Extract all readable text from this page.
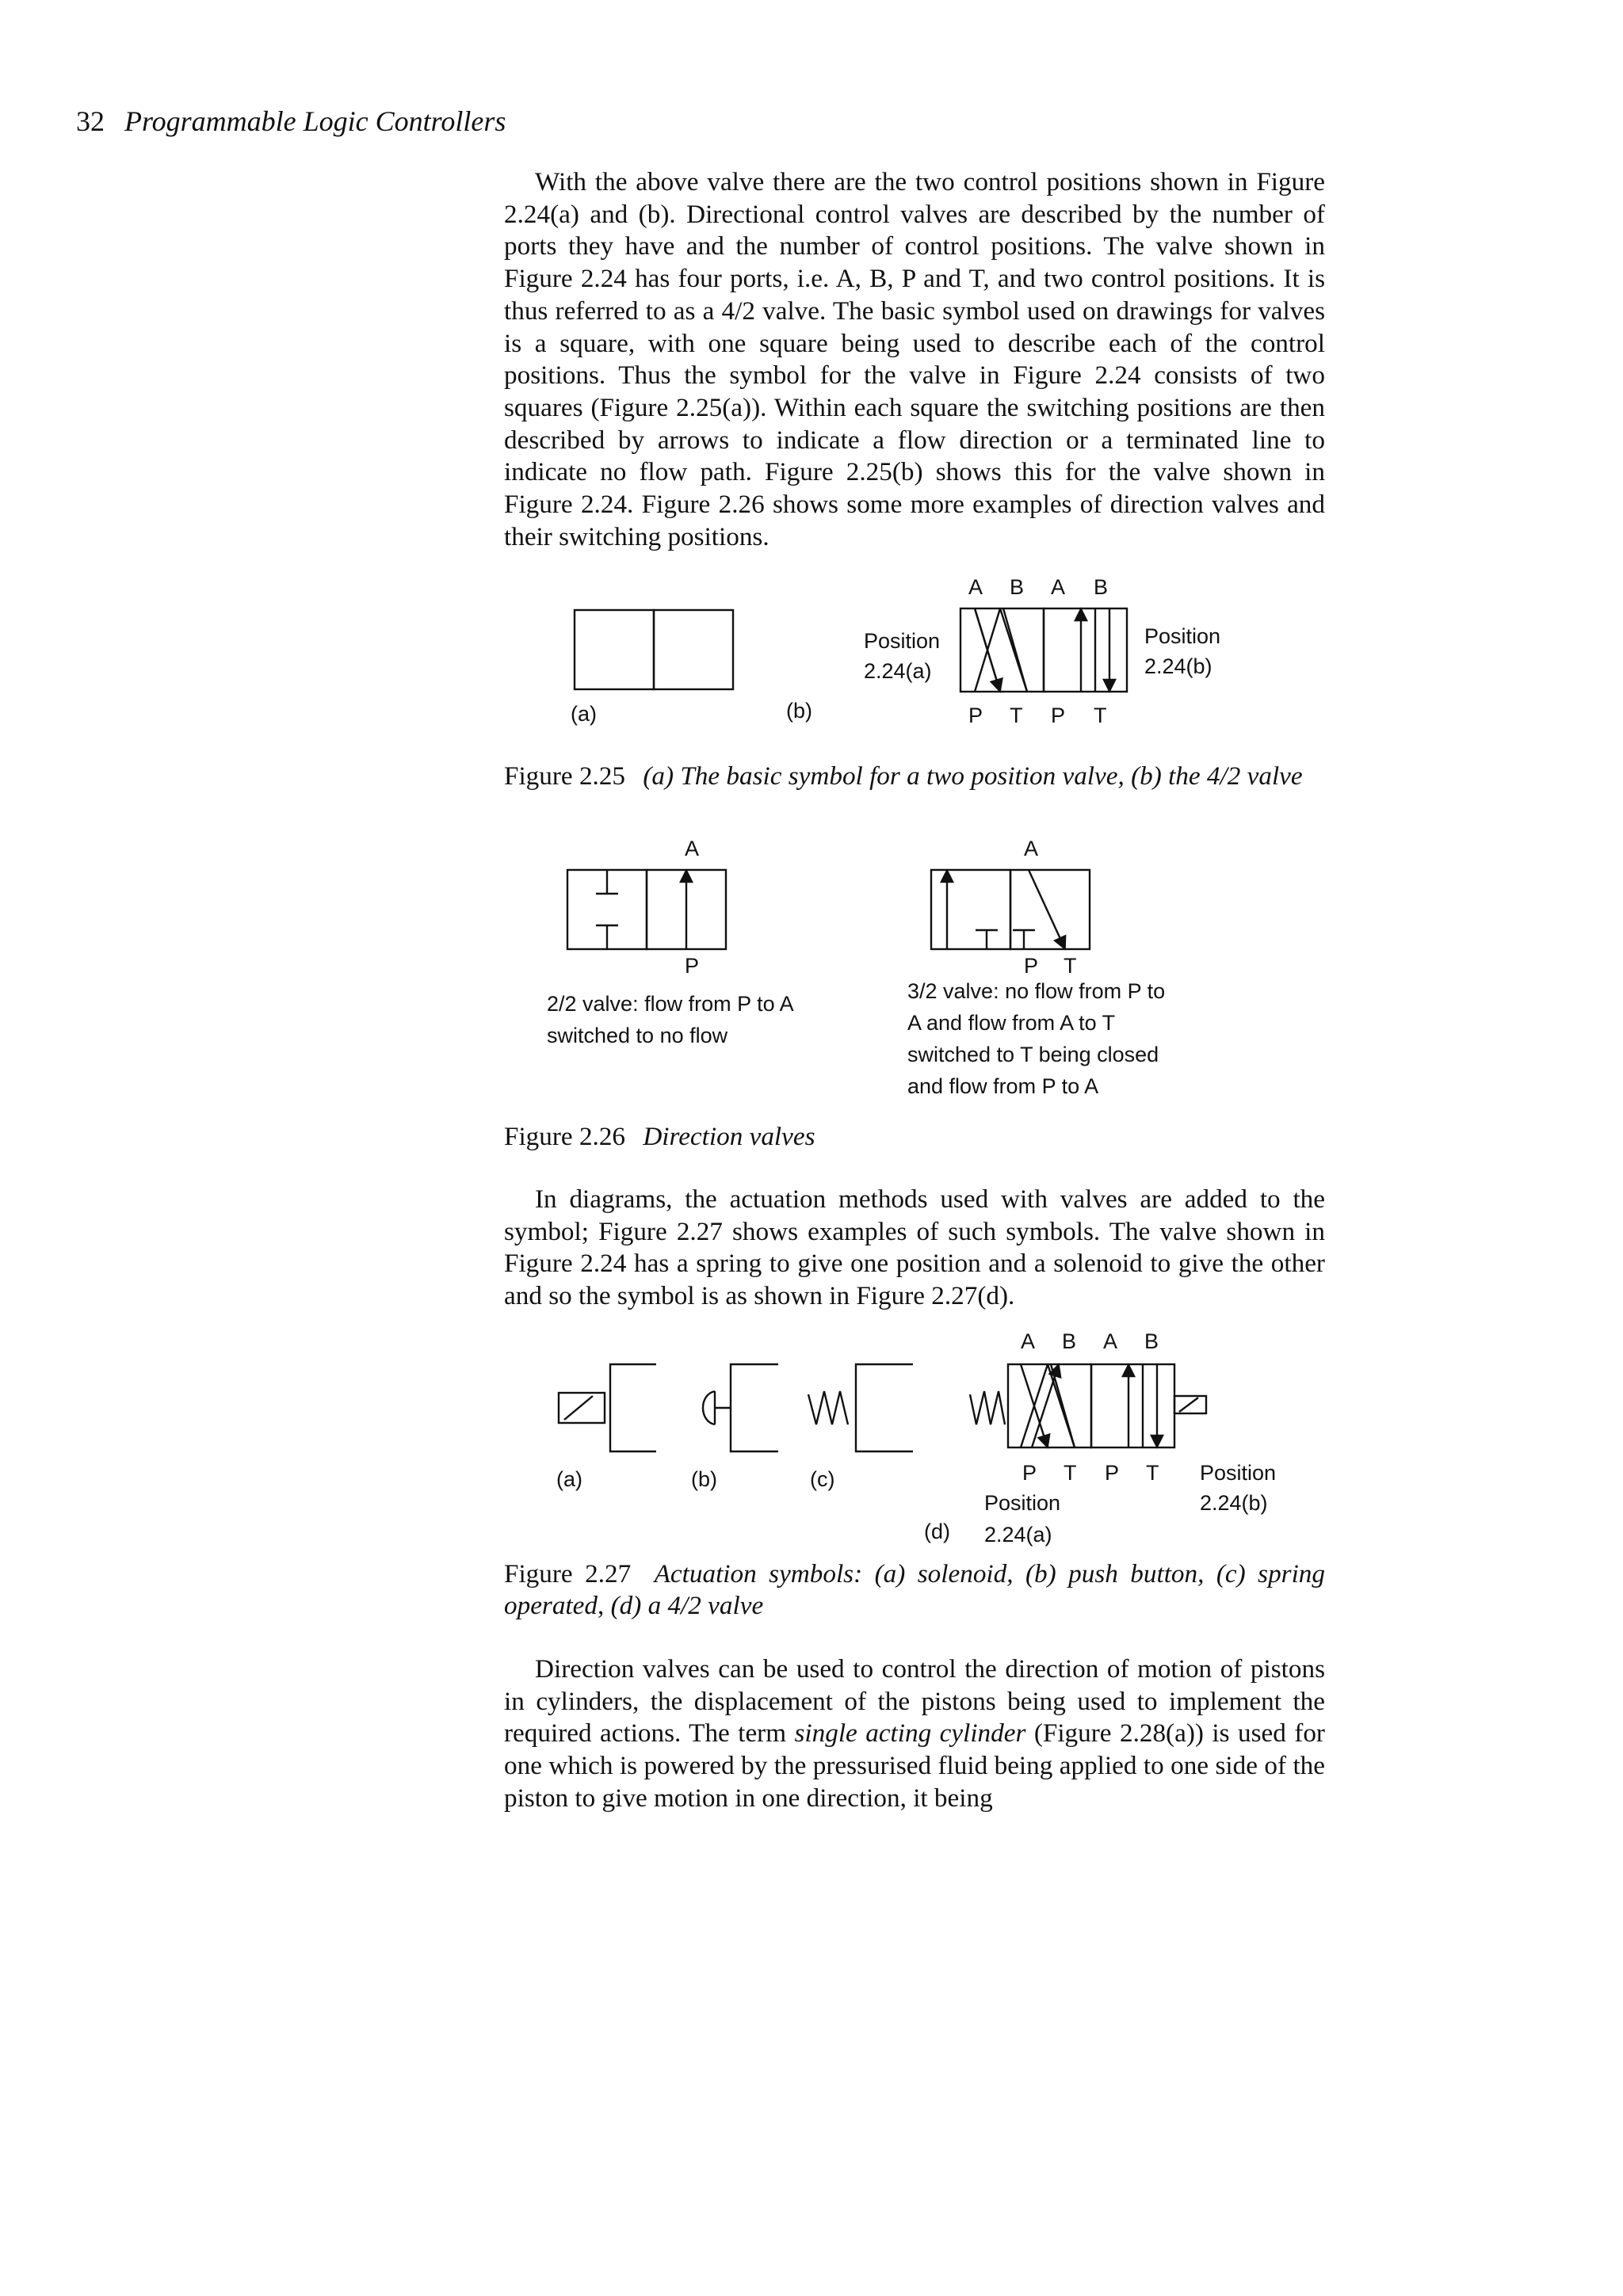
32 Programmable Logic Controllers

With the above valve there are the two control positions shown in Figure 2.24(a) and (b). Directional control valves are described by the number of ports they have and the number of control positions. The valve shown in Figure 2.24 has four ports, i.e. A, B, P and T, and two control positions. It is thus referred to as a 4/2 valve. The basic symbol used on drawings for valves is a square, with one square being used to describe each of the control positions. Thus the symbol for the valve in Figure 2.24 consists of two squares (Figure 2.25(a)). Within each square the switching positions are then described by arrows to indicate a flow direction or a terminated line to indicate no flow path. Figure 2.25(b) shows this for the valve shown in Figure 2.24. Figure 2.26 shows some more examples of direction valves and their switching positions.

(a)	(b)
A B A B
P T P T
Position
2.24(a)
Position
2.24(b)

Figure 2.25 (a) The basic symbol for a two position valve, (b) the 4/2 valve

A
P
2/2 valve: flow from P to A
switched to no flow
A
P T
3/2 valve: no flow from P to
A and flow from A to T
switched to T being closed
and flow from P to A

Figure 2.26 Direction valves

In diagrams, the actuation methods used with valves are added to the symbol; Figure 2.27 shows examples of such symbols. The valve shown in Figure 2.24 has a spring to give one position and a solenoid to give the other and so the symbol is as shown in Figure 2.27(d).

(a)	(b)	(c)
A B A B
P T P T
Position
2.24(a)
Position
2.24(b)
(d)

Figure 2.27 Actuation symbols: (a) solenoid, (b) push button, (c) spring operated, (d) a 4/2 valve

Direction valves can be used to control the direction of motion of pistons in cylinders, the displacement of the pistons being used to implement the required actions. The term single acting cylinder (Figure 2.28(a)) is used for one which is powered by the pressurised fluid being applied to one side of the piston to give motion in one direction, it being
